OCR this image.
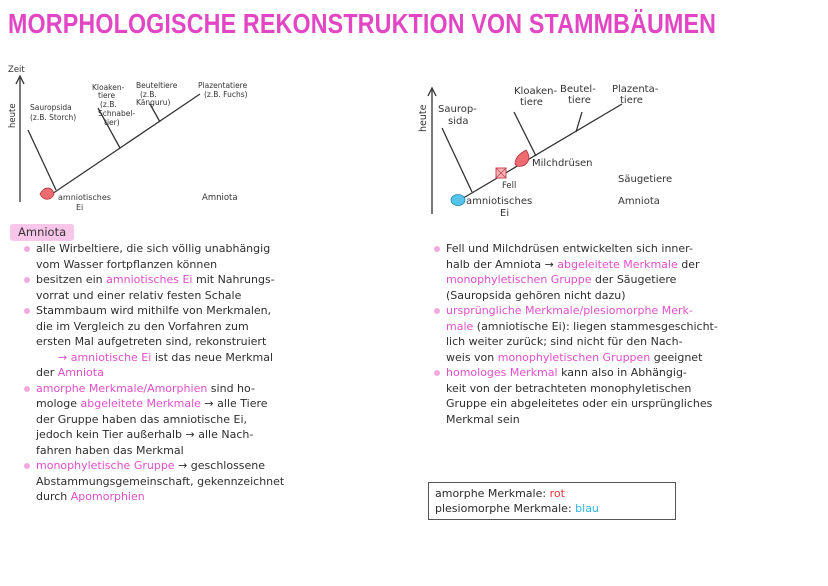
MORPHOLOGISCHE REKONSTRUKTION VON STAMMBÄUMEN
Zeit
heute Sauropsida (z.B. Storch)
Kloaken- tiere (z.B. Schnabel- tier)
Beuteltiere (z.B. Känguru)
Plazentatiere (z.B. Fuchs)
amniotisches Ei
Amniota
heute Saurop- sida
Kloaken- tiere
Beutel- tiere
Plazenta- tiere
Milchdrüsen
Fell
Säugetiere
amniotisches Ei
Amniota
Amniota
alle Wirbeltiere, die sich völlig unabhängig
vom Wasser fortpflanzen können
besitzen ein amniotisches Ei mit Nahrungs-
vorrat und einer relativ festen Schale
Stammbaum wird mithilfe von Merkmalen,
die im Vergleich zu den Vorfahren zum
ersten Mal aufgetreten sind, rekonstruiert
→ amniotische Ei ist das neue Merkmal
der Amniota
amorphe Merkmale/Amorphien sind ho-
mologe abgeleitete Merkmale → alle Tiere
der Gruppe haben das amniotische Ei,
jedoch kein Tier außerhalb → alle Nach-
fahren haben das Merkmal
monophyletische Gruppe → geschlossene
Abstammungsgemeinschaft, gekennzeichnet
durch Apomorphien
Fell und Milchdrüsen entwickelten sich inner-
halb der Amniota → abgeleitete Merkmale der
monophyletischen Gruppe der Säugetiere
(Sauropsida gehören nicht dazu)
ursprüngliche Merkmale/plesiomorphe Merk-
male (amniotische Ei): liegen stammesgeschicht-
lich weiter zurück; sind nicht für den Nach-
weis von monophyletischen Gruppen geeignet
homologes Merkmal kann also in Abhängig-
keit von der betrachteten monophyletischen
Gruppe ein abgeleitetes oder ein ursprüngliches
Merkmal sein
amorphe Merkmale: rot
plesiomorphe Merkmale: blau
